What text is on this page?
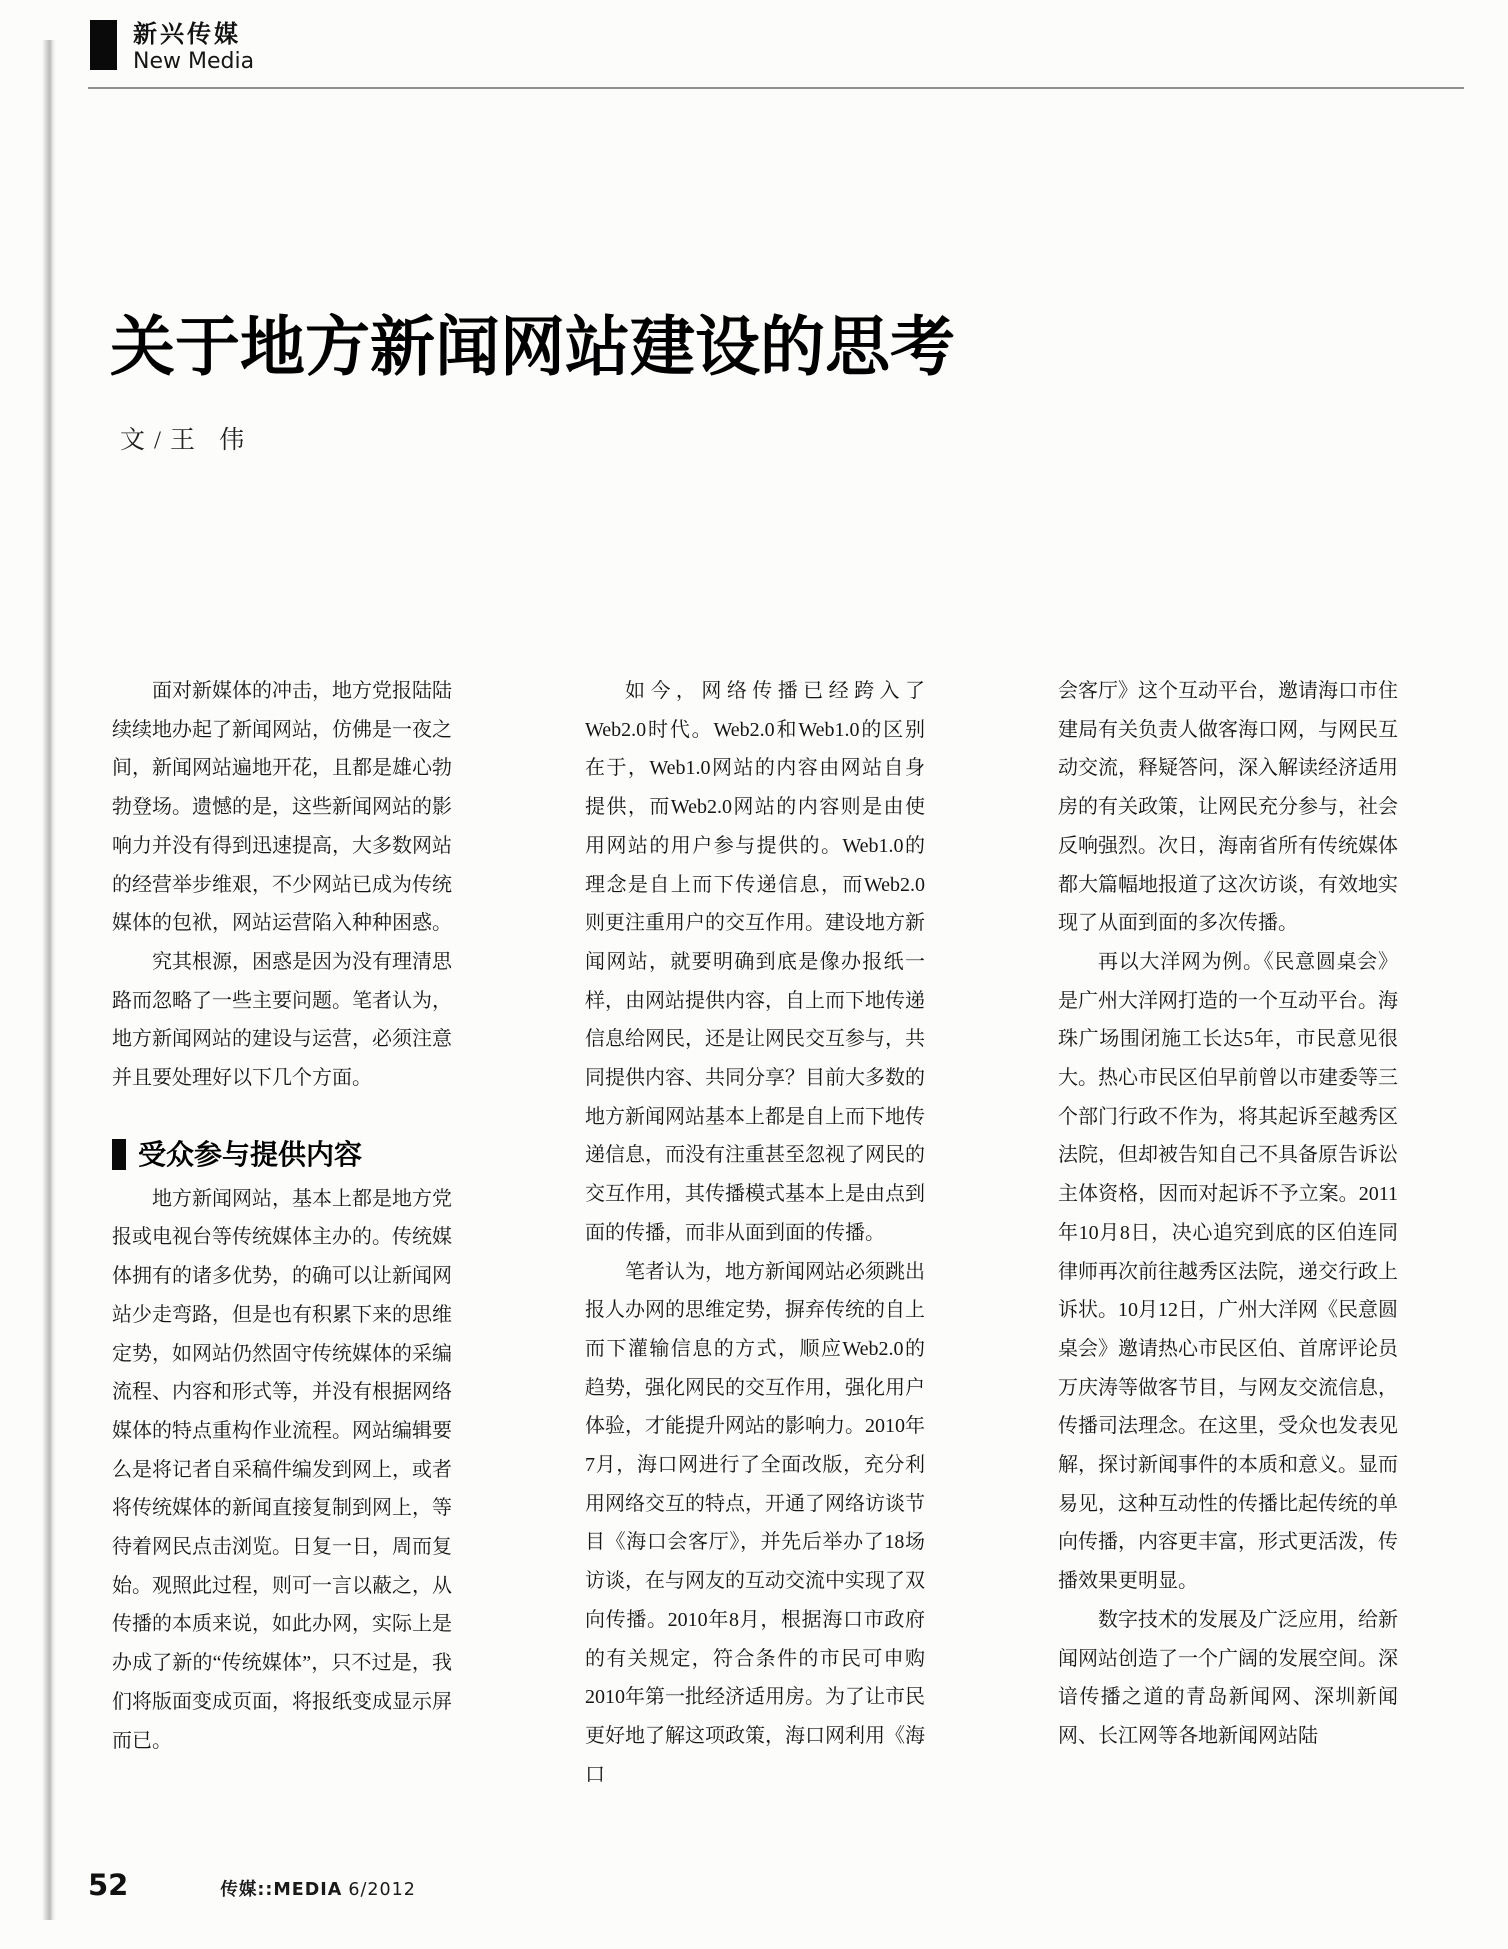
新兴传媒
New Media
关于地方新闻网站建设的思考
文/王 伟

面对新媒体的冲击，地方党报陆陆续续地办起了新闻网站，仿佛是一夜之间，新闻网站遍地开花，且都是雄心勃勃登场。遗憾的是，这些新闻网站的影响力并没有得到迅速提高，大多数网站的经营举步维艰，不少网站已成为传统媒体的包袱，网站运营陷入种种困惑。

究其根源，困惑是因为没有理清思路而忽略了一些主要问题。笔者认为，地方新闻网站的建设与运营，必须注意并且要处理好以下几个方面。

受众参与提供内容

地方新闻网站，基本上都是地方党报或电视台等传统媒体主办的。传统媒体拥有的诸多优势，的确可以让新闻网站少走弯路，但是也有积累下来的思维定势，如网站仍然固守传统媒体的采编流程、内容和形式等，并没有根据网络媒体的特点重构作业流程。网站编辑要么是将记者自采稿件编发到网上，或者将传统媒体的新闻直接复制到网上，等待着网民点击浏览。日复一日，周而复始。观照此过程，则可一言以蔽之，从传播的本质来说，如此办网，实际上是办成了新的“传统媒体”，只不过是，我们将版面变成页面，将报纸变成显示屏而已。

如今，网络传播已经跨入了Web2.0时代。Web2.0和Web1.0的区别在于，Web1.0网站的内容由网站自身提供，而Web2.0网站的内容则是由使用网站的用户参与提供的。Web1.0的理念是自上而下传递信息，而Web2.0则更注重用户的交互作用。建设地方新闻网站，就要明确到底是像办报纸一样，由网站提供内容，自上而下地传递信息给网民，还是让网民交互参与，共同提供内容、共同分享？目前大多数的地方新闻网站基本上都是自上而下地传递信息，而没有注重甚至忽视了网民的交互作用，其传播模式基本上是由点到面的传播，而非从面到面的传播。

笔者认为，地方新闻网站必须跳出报人办网的思维定势，摒弃传统的自上而下灌输信息的方式，顺应Web2.0的趋势，强化网民的交互作用，强化用户体验，才能提升网站的影响力。2010年7月，海口网进行了全面改版，充分利用网络交互的特点，开通了网络访谈节目《海口会客厅》，并先后举办了18场访谈，在与网友的互动交流中实现了双向传播。2010年8月，根据海口市政府的有关规定，符合条件的市民可申购2010年第一批经济适用房。为了让市民更好地了解这项政策，海口网利用《海口

会客厅》这个互动平台，邀请海口市住建局有关负责人做客海口网，与网民互动交流，释疑答问，深入解读经济适用房的有关政策，让网民充分参与，社会反响强烈。次日，海南省所有传统媒体都大篇幅地报道了这次访谈，有效地实现了从面到面的多次传播。

再以大洋网为例。《民意圆桌会》是广州大洋网打造的一个互动平台。海珠广场围闭施工长达5年，市民意见很大。热心市民区伯早前曾以市建委等三个部门行政不作为，将其起诉至越秀区法院，但却被告知自己不具备原告诉讼主体资格，因而对起诉不予立案。2011年10月8日，决心追究到底的区伯连同律师再次前往越秀区法院，递交行政上诉状。10月12日，广州大洋网《民意圆桌会》邀请热心市民区伯、首席评论员万庆涛等做客节目，与网友交流信息，传播司法理念。在这里，受众也发表见解，探讨新闻事件的本质和意义。显而易见，这种互动性的传播比起传统的单向传播，内容更丰富，形式更活泼，传播效果更明显。

数字技术的发展及广泛应用，给新闻网站创造了一个广阔的发展空间。深谙传播之道的青岛新闻网、深圳新闻网、长江网等各地新闻网站陆

52	传媒::MEDIA 6/2012
